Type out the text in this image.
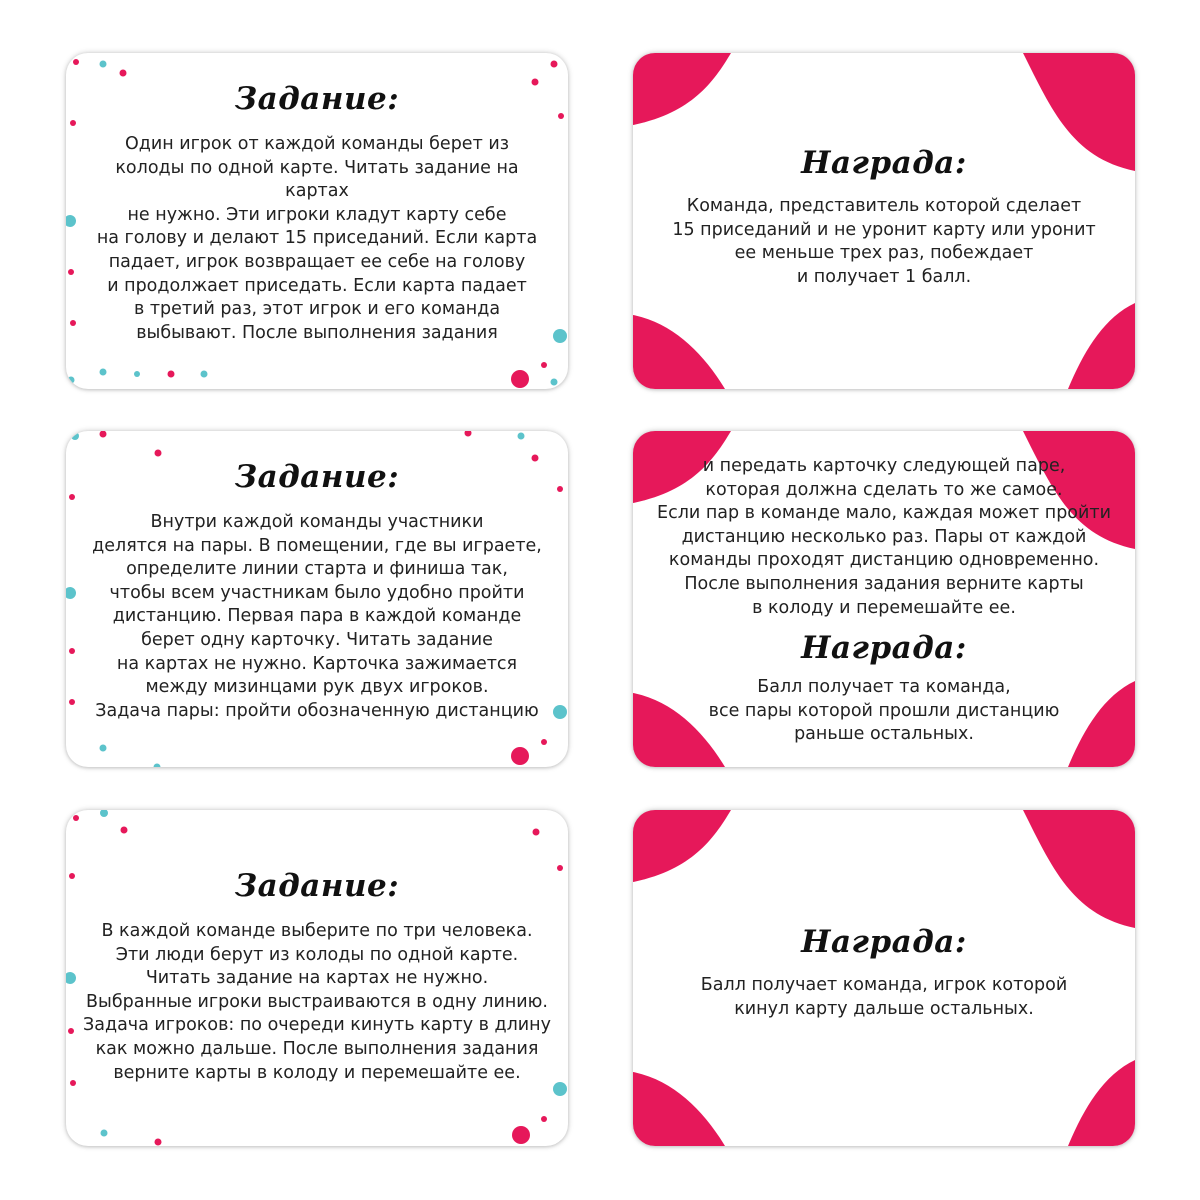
Задание:

Один игрок от каждой команды берет из
колоды по одной карте. Читать задание на
картах
не нужно. Эти игроки кладут карту себе
на голову и делают 15 приседаний. Если карта
падает, игрок возвращает ее себе на голову
и продолжает приседать. Если карта падает
в третий раз, этот игрок и его команда
выбывают. После выполнения задания

Награда:

Команда, представитель которой сделает
15 приседаний и не уронит карту или уронит
ее меньше трех раз, побеждает
и получает 1 балл.

Задание:

Внутри каждой команды участники
делятся на пары. В помещении, где вы играете,
определите линии старта и финиша так,
чтобы всем участникам было удобно пройти
дистанцию. Первая пара в каждой команде
берет одну карточку. Читать задание
на картах не нужно. Карточка зажимается
между мизинцами рук двух игроков.
Задача пары: пройти обозначенную дистанцию

и передать карточку следующей паре,
которая должна сделать то же самое.
Если пар в команде мало, каждая может пройти
дистанцию несколько раз. Пары от каждой
команды проходят дистанцию одновременно.
После выполнения задания верните карты
в колоду и перемешайте ее.

Награда:

Балл получает та команда,
все пары которой прошли дистанцию
раньше остальных.

Задание:

В каждой команде выберите по три человека.
Эти люди берут из колоды по одной карте.
Читать задание на картах не нужно.
Выбранные игроки выстраиваются в одну линию.
Задача игроков: по очереди кинуть карту в длину
как можно дальше. После выполнения задания
верните карты в колоду и перемешайте ее.

Награда:

Балл получает команда, игрок которой
кинул карту дальше остальных.
